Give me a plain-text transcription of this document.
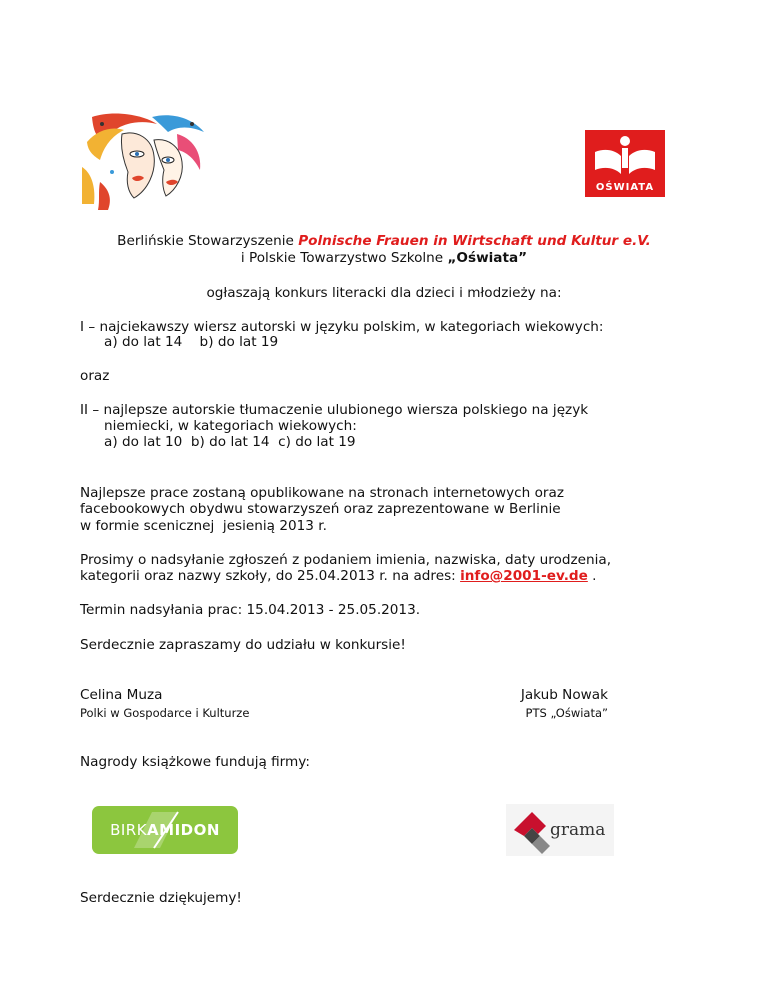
OŚWIATA
Berlińskie Stowarzyszenie Polnische Frauen in Wirtschaft und Kultur e.V.
i Polskie Towarzystwo Szkolne „Oświata”
ogłaszają konkurs literacki dla dzieci i młodzieży na:
I – najciekawszy wiersz autorski w języku polskim, w kategoriach wiekowych:
a) do lat 14    b) do lat 19
oraz
II – najlepsze autorskie tłumaczenie ulubionego wiersza polskiego na język
niemiecki, w kategoriach wiekowych:
a) do lat 10  b) do lat 14  c) do lat 19
Najlepsze prace zostaną opublikowane na stronach internetowych oraz
facebookowych obydwu stowarzyszeń oraz zaprezentowane w Berlinie
w formie scenicznej  jesienią 2013 r.
Prosimy o nadsyłanie zgłoszeń z podaniem imienia, nazwiska, daty urodzenia,
kategorii oraz nazwy szkoły, do 25.04.2013 r. na adres: info@2001-ev.de .
Termin nadsyłania prac: 15.04.2013 - 25.05.2013.
Serdecznie zapraszamy do udziału w konkursie!
Celina Muza
Polki w Gospodarce i Kulturze
Jakub Nowak
PTS „Oświata”
Nagrody książkowe fundują firmy:
BIRKAMIDON	grama
Serdecznie dziękujemy!
